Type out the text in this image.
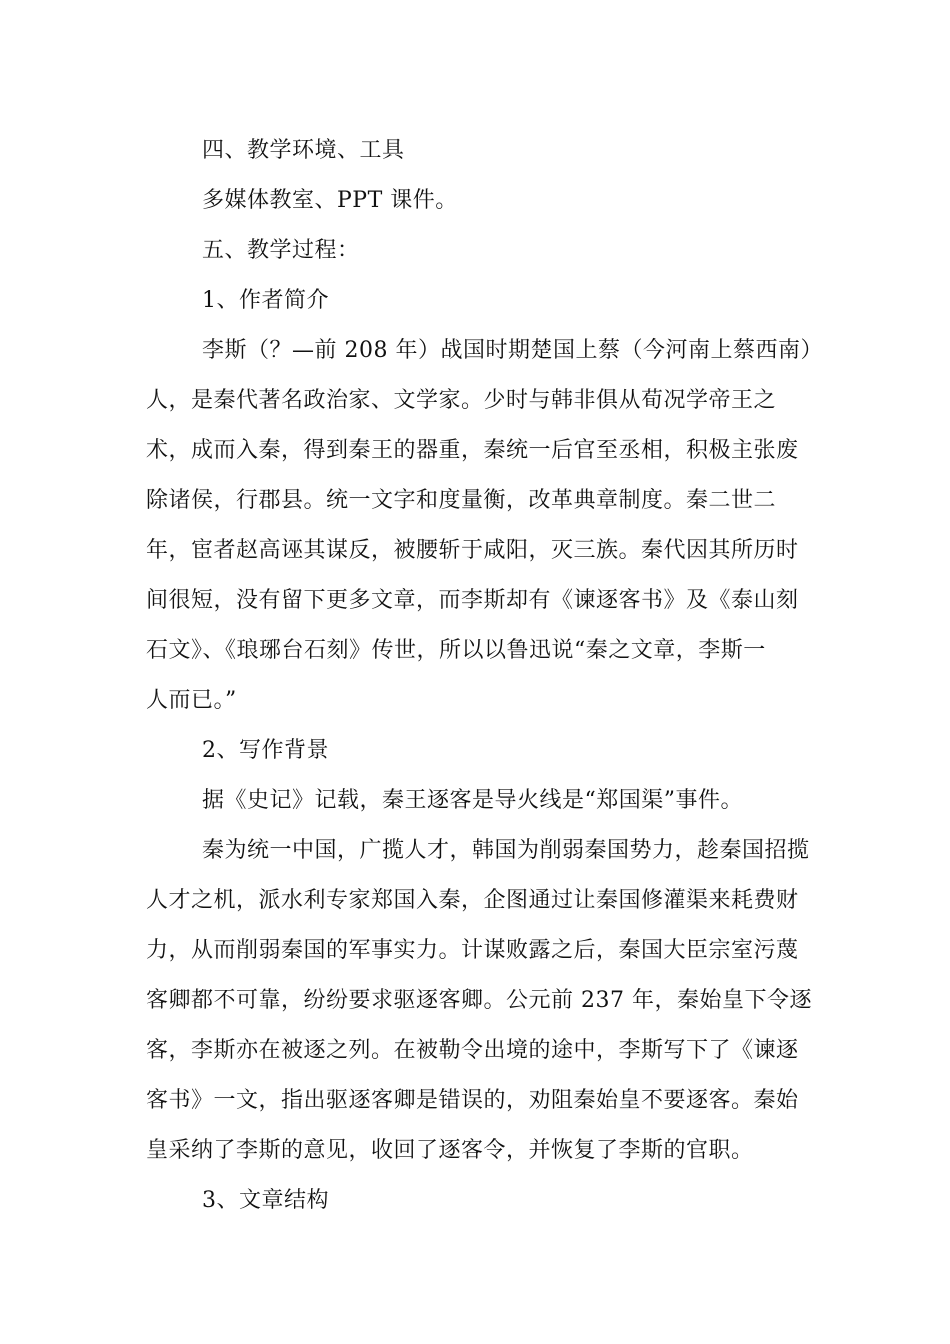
四、教学环境、工具
多媒体教室、PPT 课件。
五、教学过程：
1、作者简介
李斯（？—前 208 年）战国时期楚国上蔡（今河南上蔡西南）
人，是秦代著名政治家、文学家。少时与韩非俱从荀况学帝王之
术，成而入秦，得到秦王的器重，秦统一后官至丞相，积极主张废
除诸侯，行郡县。统一文字和度量衡，改革典章制度。秦二世二
年，宦者赵高诬其谋反，被腰斩于咸阳，灭三族。秦代因其所历时
间很短，没有留下更多文章，而李斯却有《谏逐客书》及《泰山刻
石文》、《琅琊台石刻》传世，所以以鲁迅说“秦之文章，李斯一
人而已。”
2、写作背景
据《史记》记载，秦王逐客是导火线是“郑国渠”事件。
秦为统一中国，广揽人才，韩国为削弱秦国势力，趁秦国招揽
人才之机，派水利专家郑国入秦，企图通过让秦国修灌渠来耗费财
力，从而削弱秦国的军事实力。计谋败露之后，秦国大臣宗室污蔑
客卿都不可靠，纷纷要求驱逐客卿。公元前 237 年，秦始皇下令逐
客，李斯亦在被逐之列。在被勒令出境的途中，李斯写下了《谏逐
客书》一文，指出驱逐客卿是错误的，劝阻秦始皇不要逐客。秦始
皇采纳了李斯的意见，收回了逐客令，并恢复了李斯的官职。
3、文章结构
